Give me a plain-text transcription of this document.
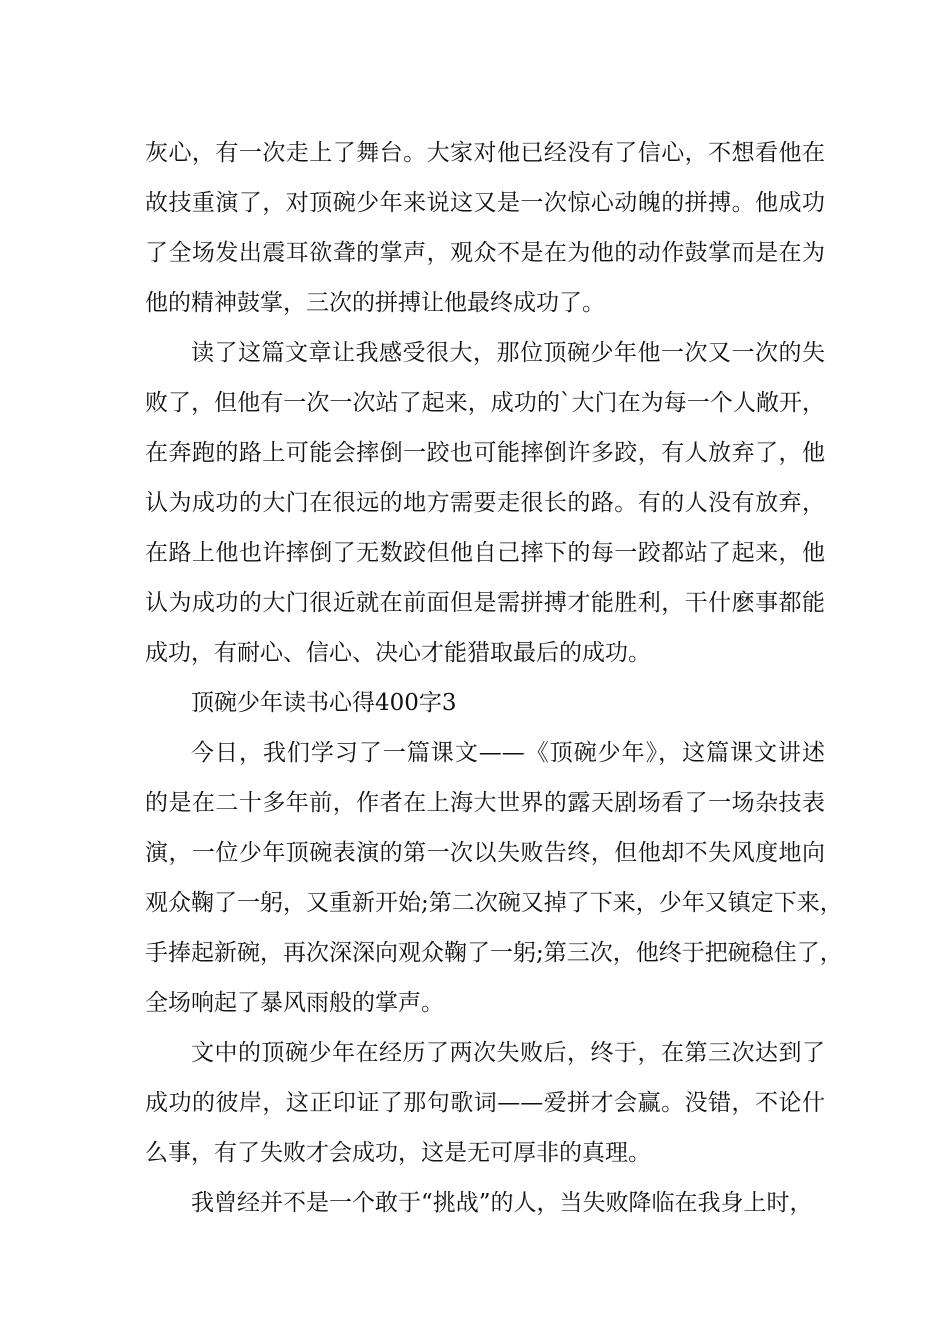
灰心，有一次走上了舞台。大家对他已经没有了信心，不想看他在
故技重演了，对顶碗少年来说这又是一次惊心动魄的拼搏。他成功
了全场发出震耳欲聋的掌声，观众不是在为他的动作鼓掌而是在为
他的精神鼓掌，三次的拼搏让他最终成功了。
读了这篇文章让我感受很大，那位顶碗少年他一次又一次的失
败了，但他有一次一次站了起来，成功的`大门在为每一个人敞开，
在奔跑的路上可能会摔倒一跤也可能摔倒许多跤，有人放弃了，他
认为成功的大门在很远的地方需要走很长的路。有的人没有放弃，
在路上他也许摔倒了无数跤但他自己摔下的每一跤都站了起来，他
认为成功的大门很近就在前面但是需拼搏才能胜利，干什麽事都能
成功，有耐心、信心、决心才能猎取最后的成功。
顶碗少年读书心得400字3
今日，我们学习了一篇课文——《顶碗少年》，这篇课文讲述
的是在二十多年前，作者在上海大世界的露天剧场看了一场杂技表
演，一位少年顶碗表演的第一次以失败告终，但他却不失风度地向
观众鞠了一躬，又重新开始;第二次碗又掉了下来，少年又镇定下来，
手捧起新碗，再次深深向观众鞠了一躬;第三次，他终于把碗稳住了，
全场响起了暴风雨般的掌声。
文中的顶碗少年在经历了两次失败后，终于，在第三次达到了
成功的彼岸，这正印证了那句歌词——爱拼才会赢。没错，不论什
么事，有了失败才会成功，这是无可厚非的真理。
我曾经并不是一个敢于“挑战”的人，当失败降临在我身上时，
